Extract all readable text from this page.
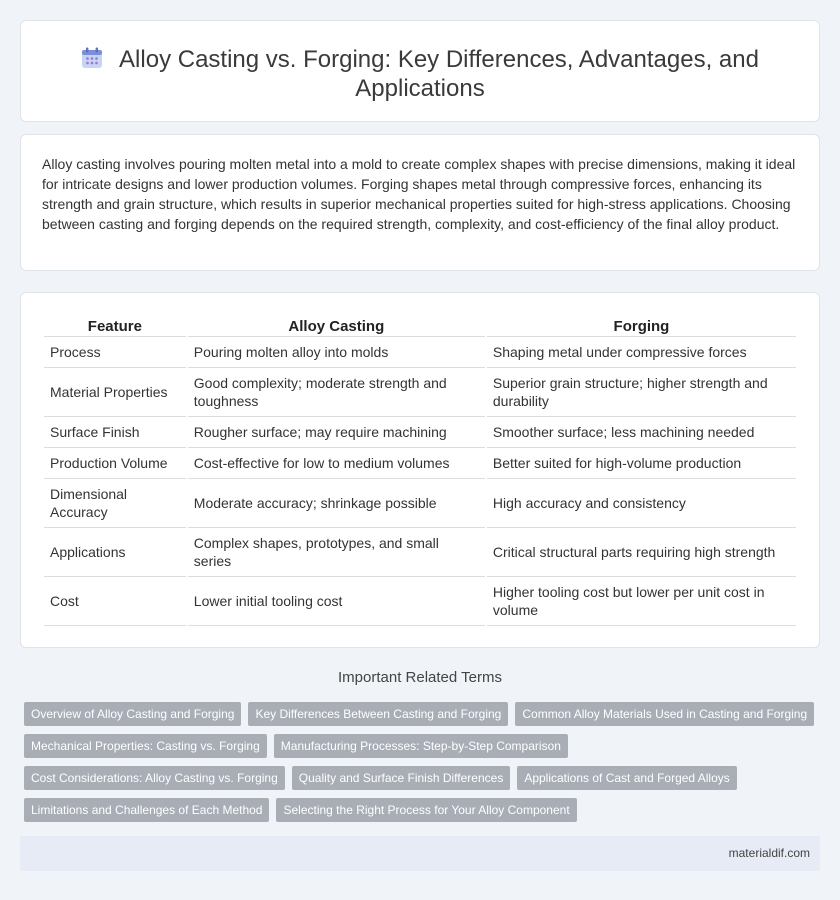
Alloy Casting vs. Forging: Key Differences, Advantages, and Applications

Alloy casting involves pouring molten metal into a mold to create complex shapes with precise dimensions, making it ideal for intricate designs and lower production volumes. Forging shapes metal through compressive forces, enhancing its strength and grain structure, which results in superior mechanical properties suited for high-stress applications. Choosing between casting and forging depends on the required strength, complexity, and cost-efficiency of the final alloy product.

Feature	Alloy Casting	Forging
Process	Pouring molten alloy into molds	Shaping metal under compressive forces
Material Properties	Good complexity; moderate strength and toughness	Superior grain structure; higher strength and durability
Surface Finish	Rougher surface; may require machining	Smoother surface; less machining needed
Production Volume	Cost-effective for low to medium volumes	Better suited for high-volume production
Dimensional Accuracy	Moderate accuracy; shrinkage possible	High accuracy and consistency
Applications	Complex shapes, prototypes, and small series	Critical structural parts requiring high strength
Cost	Lower initial tooling cost	Higher tooling cost but lower per unit cost in volume
Important Related Terms
Overview of Alloy Casting and Forging	Key Differences Between Casting and Forging	Common Alloy Materials Used in Casting and Forging
Mechanical Properties: Casting vs. Forging	Manufacturing Processes: Step-by-Step Comparison
Cost Considerations: Alloy Casting vs. Forging	Quality and Surface Finish Differences	Applications of Cast and Forged Alloys
Limitations and Challenges of Each Method	Selecting the Right Process for Your Alloy Component
materialdif.com
